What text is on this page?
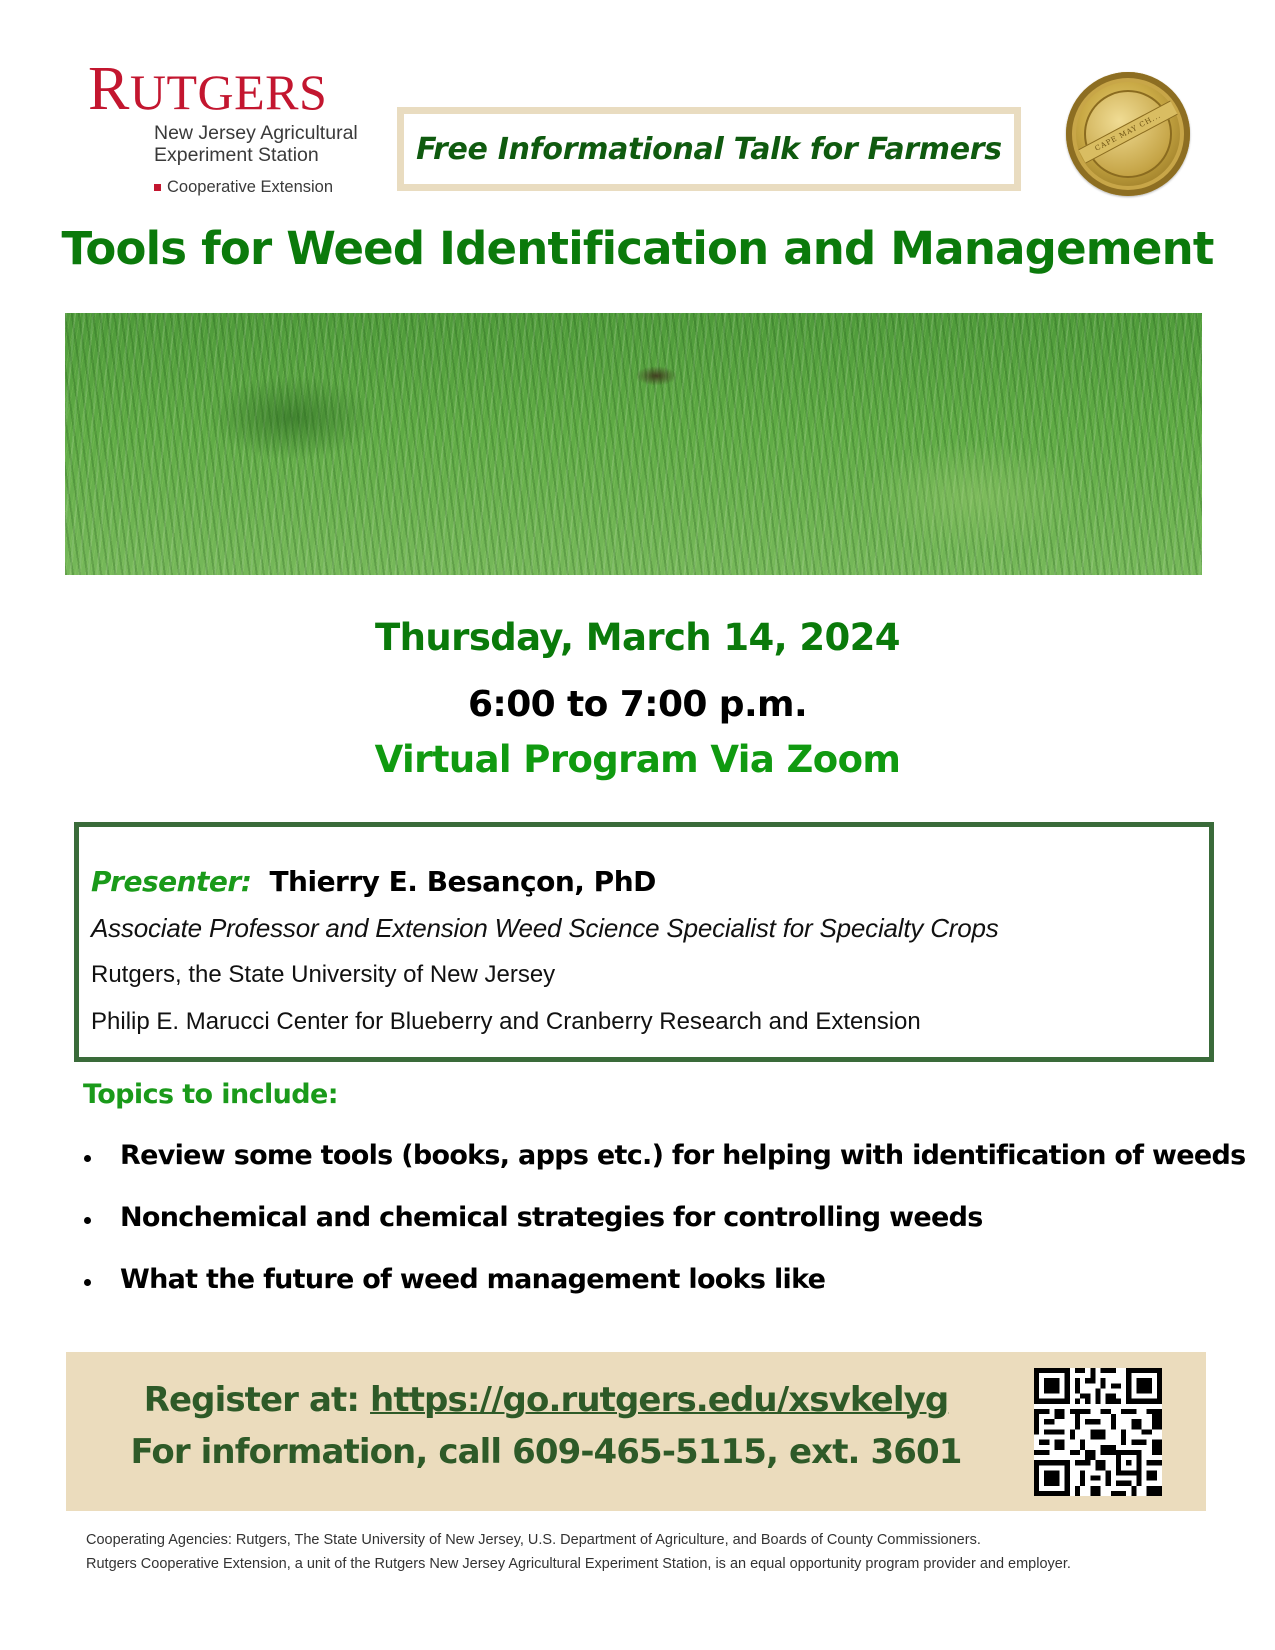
RUTGERS
New Jersey Agricultural
Experiment Station
Cooperative Extension
Free Informational Talk for Farmers	CAPE MAY CH...
Tools for Weed Identification and Management
Thursday, March 14, 2024
6:00 to 7:00 p.m.
Virtual Program Via Zoom
Presenter: Thierry E. Besançon, PhD
Associate Professor and Extension Weed Science Specialist for Specialty Crops
Rutgers, the State University of New Jersey
Philip E. Marucci Center for Blueberry and Cranberry Research and Extension
Topics to include:
Review some tools (books, apps etc.) for helping with identification of weeds
Nonchemical and chemical strategies for controlling weeds
What the future of weed management looks like
Register at: https://go.rutgers.edu/xsvkelyg
For information, call 609-465-5115, ext. 3601
Cooperating Agencies: Rutgers, The State University of New Jersey, U.S. Department of Agriculture, and Boards of County Commissioners.
Rutgers Cooperative Extension, a unit of the Rutgers New Jersey Agricultural Experiment Station, is an equal opportunity program provider and employer.
